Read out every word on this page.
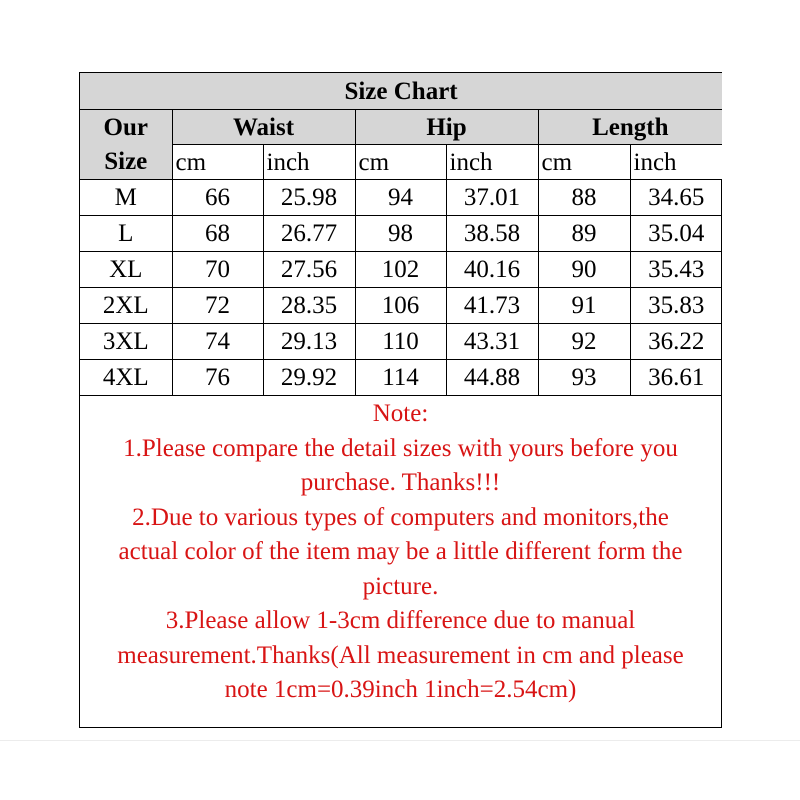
Size Chart						
Our
Size	Waist		Hip		Length	
	cm	inch	cm	inch	cm	inch
M	66	25.98	94	37.01	88	34.65
L	68	26.77	98	38.58	89	35.04
XL	70	27.56	102	40.16	90	35.43
2XL	72	28.35	106	41.73	91	35.83
3XL	74	29.13	110	43.31	92	36.22
4XL	76	29.92	114	44.88	93	36.61
Note:
1.Please compare the detail sizes with yours before you
purchase. Thanks!!!
2.Due to various types of computers and monitors,the
actual color of the item may be a little different form the
picture.
3.Please allow 1-3cm difference due to manual
measurement.Thanks(All measurement in cm and please
note 1cm=0.39inch 1inch=2.54cm)
